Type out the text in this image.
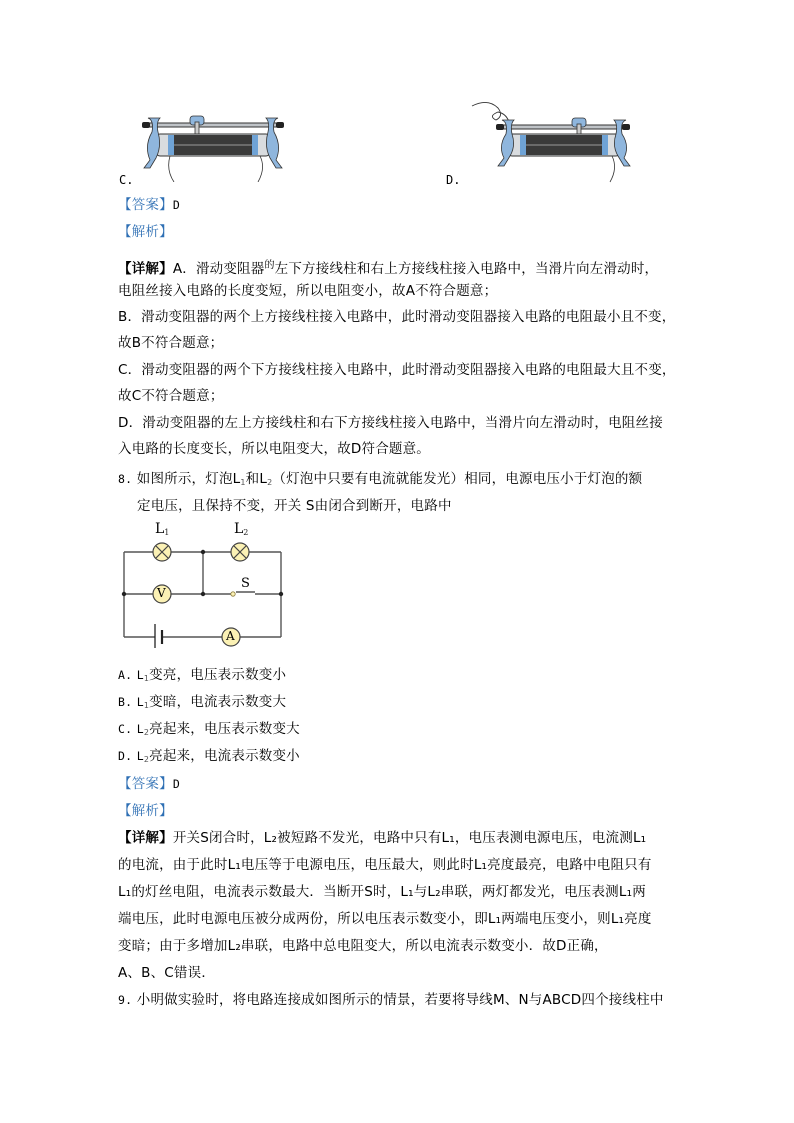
C.	D.
【答案】D
【解析】
【详解】A．滑动变阻器$^的$左下方接线柱和右上方接线柱接入电路中，当滑片向左滑动时，
电阻丝接入电路的长度变短，所以电阻变小，故A不符合题意；
B．滑动变阻器的两个上方接线柱接入电路中，此时滑动变阻器接入电路的电阻最小且不变，
故B不符合题意；
C．滑动变阻器的两个下方接线柱接入电路中，此时滑动变阻器接入电路的电阻最大且不变，
故C不符合题意；
D．滑动变阻器的左上方接线柱和右下方接线柱接入电路中，当滑片向左滑动时，电阻丝接
入电路的长度变长，所以电阻变大，故D符合题意。
8. 如图所示，灯泡$L_1$和$L_2$（灯泡中只要有电流就能发光）相同，电源电压小于灯泡的额
定电压，且保持不变，开关 S由闭合到断开，电路中
$L_1$	$L_2$
V
A
S
A. $L_1$变亮，电压表示数变小
B. $L_1$变暗，电流表示数变大
C. $L_2$亮起来，电压表示数变大
D. $L_2$亮起来，电流表示数变小
【答案】D
【解析】
【详解】开关S闭合时，L₂被短路不发光，电路中只有L₁，电压表测电源电压，电流测L₁
的电流，由于此时L₁电压等于电源电压，电压最大，则此时L₁亮度最亮，电路中电阻只有
L₁的灯丝电阻，电流表示数最大．当断开S时，L₁与L₂串联，两灯都发光，电压表测L₁两
端电压，此时电源电压被分成两份，所以电压表示数变小，即L₁两端电压变小，则L₁亮度
变暗；由于多增加L₂串联，电路中总电阻变大，所以电流表示数变小．故D正确，
A、B、C错误．
9. 小明做实验时，将电路连接成如图所示的情景，若要将导线M、N与ABCD四个接线柱中
